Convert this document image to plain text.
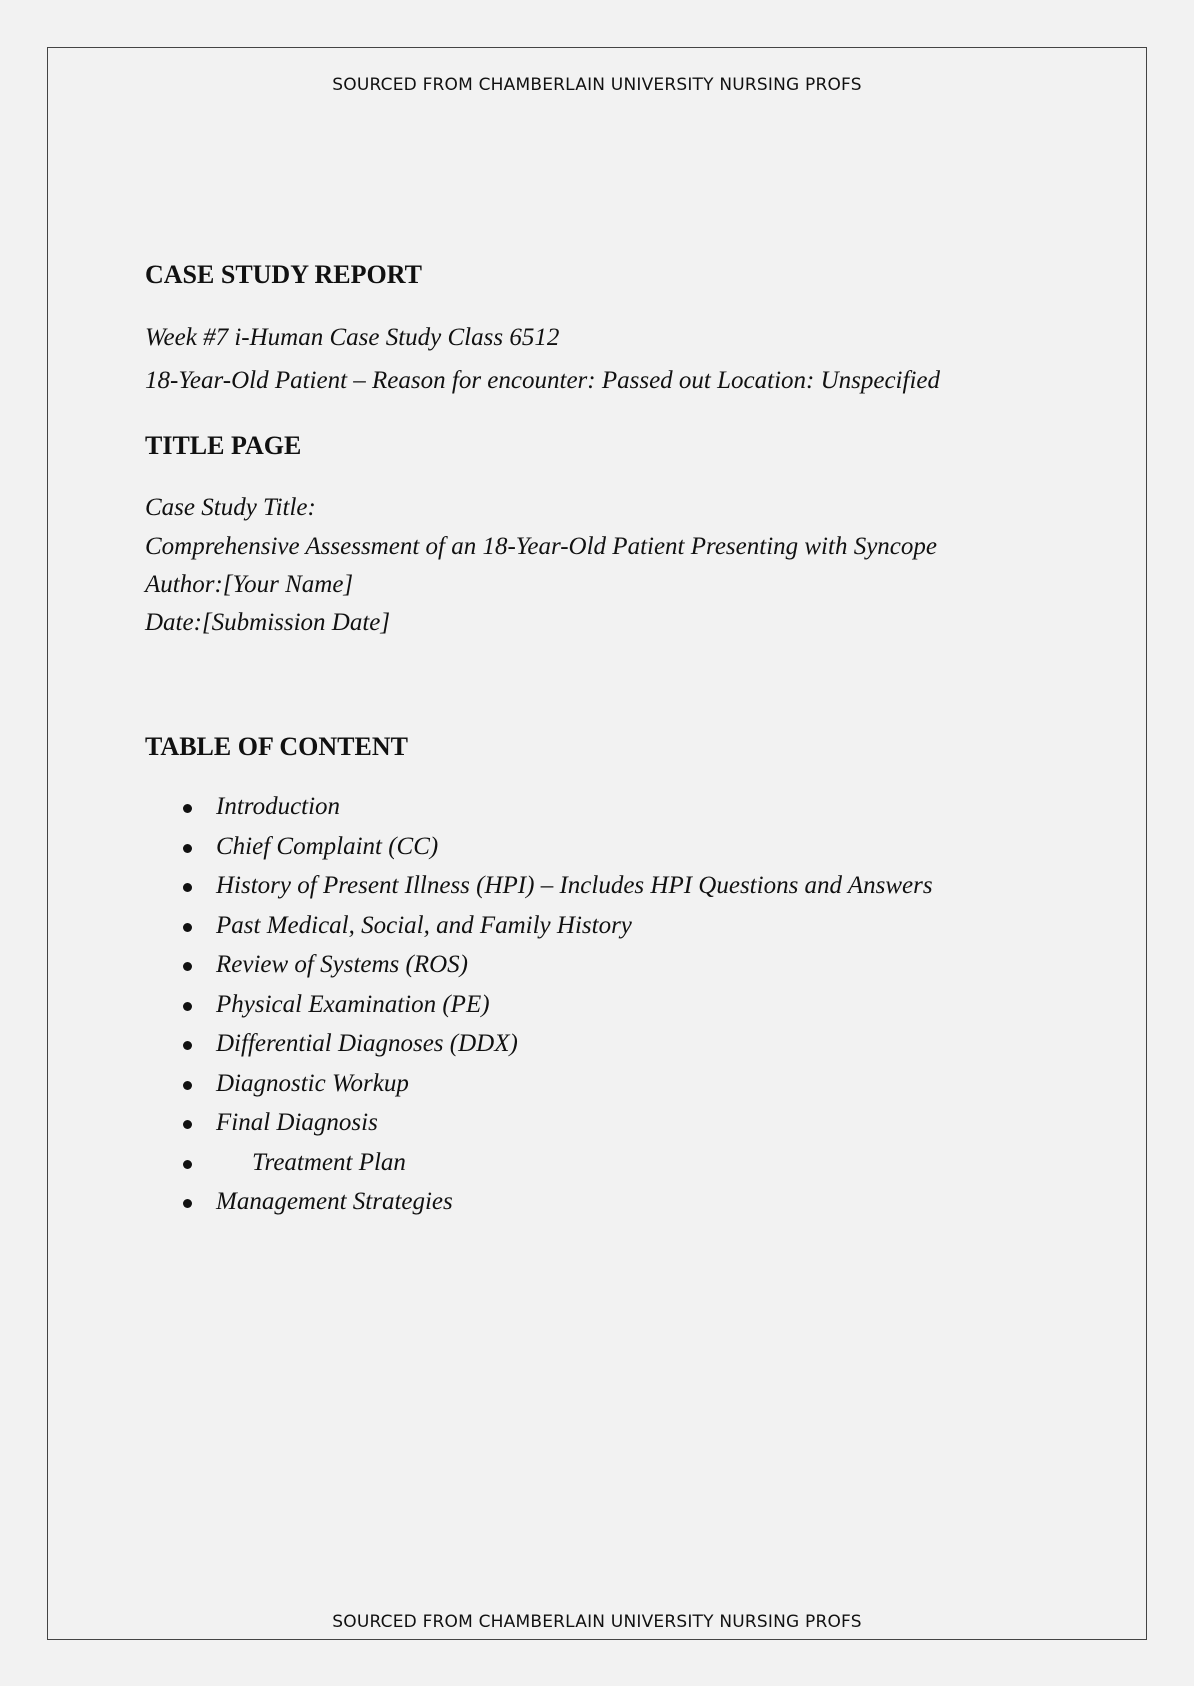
SOURCED FROM CHAMBERLAIN UNIVERSITY NURSING PROFS
CASE STUDY REPORT
Week #7 i-Human Case Study Class 6512
18-Year-Old Patient – Reason for encounter: Passed out Location: Unspecified
TITLE PAGE
Case Study Title:
Comprehensive Assessment of an 18-Year-Old Patient Presenting with Syncope
Author:[Your Name]
Date:[Submission Date]
TABLE OF CONTENT
Introduction
Chief Complaint (CC)
History of Present Illness (HPI) – Includes HPI Questions and Answers
Past Medical, Social, and Family History
Review of Systems (ROS)
Physical Examination (PE)
Differential Diagnoses (DDX)
Diagnostic Workup
Final Diagnosis
Treatment Plan
Management Strategies
SOURCED FROM CHAMBERLAIN UNIVERSITY NURSING PROFS
